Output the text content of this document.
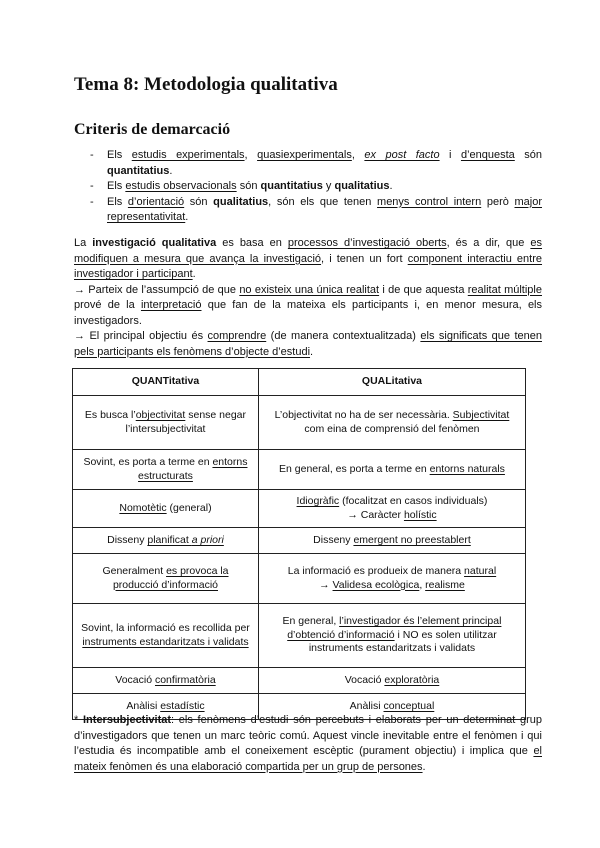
Tema 8: Metodologia qualitativa
Criteris de demarcació
- Els estudis experimentals, quasiexperimentals, ex post facto i d’enquesta són quantitatius.
- Els estudis observacionals són quantitatius y qualitatius.
- Els d’orientació són qualitatius, són els que tenen menys control intern però major representativitat.

La investigació qualitativa es basa en processos d’investigació oberts, és a dir, que es modifiquen a mesura que avança la investigació, i tenen un fort component interactiu entre investigador i participant.

→ Parteix de l’assumpció de que no existeix una única realitat i de que aquesta realitat múltiple prové de la interpretació que fan de la mateixa els participants i, en menor mesura, els investigadors.

→ El principal objectiu és comprendre (de manera contextualitzada) els significats que tenen pels participants els fenòmens d’objecte d’estudi.

QUANTitativa	QUALitativa
Es busca l’objectivitat sense negar l’intersubjectivitat	L’objectivitat no ha de ser necessària. Subjectivitat com eina de comprensió del fenòmen
Sovint, es porta a terme en entorns estructurats	En general, es porta a terme en entorns naturals
Nomotètic (general)	Idiogràfic (focalitzat en casos individuals)
→ Caràcter holístic
Disseny planificat a priori	Disseny emergent no preestablert
Generalment es provoca la producció d’informació	La informació es produeix de manera natural
→ Validesa ecològica, realisme
Sovint, la informació es recollida per instruments estandaritzats i validats	En general, l’investigador és l’element principal d’obtenció d’informació i NO es solen utilitzar instruments estandaritzats i validats
Vocació confirmatòria	Vocació exploratòria
Anàlisi estadístic	Anàlisi conceptual

* Intersubjectivitat: els fenòmens d’estudi són percebuts i elaborats per un determinat grup d’investigadors que tenen un marc teòric comú. Aquest vincle inevitable entre el fenòmen i qui l’estudia és incompatible amb el coneixement escèptic (purament objectiu) i implica que el mateix fenòmen és una elaboració compartida per un grup de persones.
